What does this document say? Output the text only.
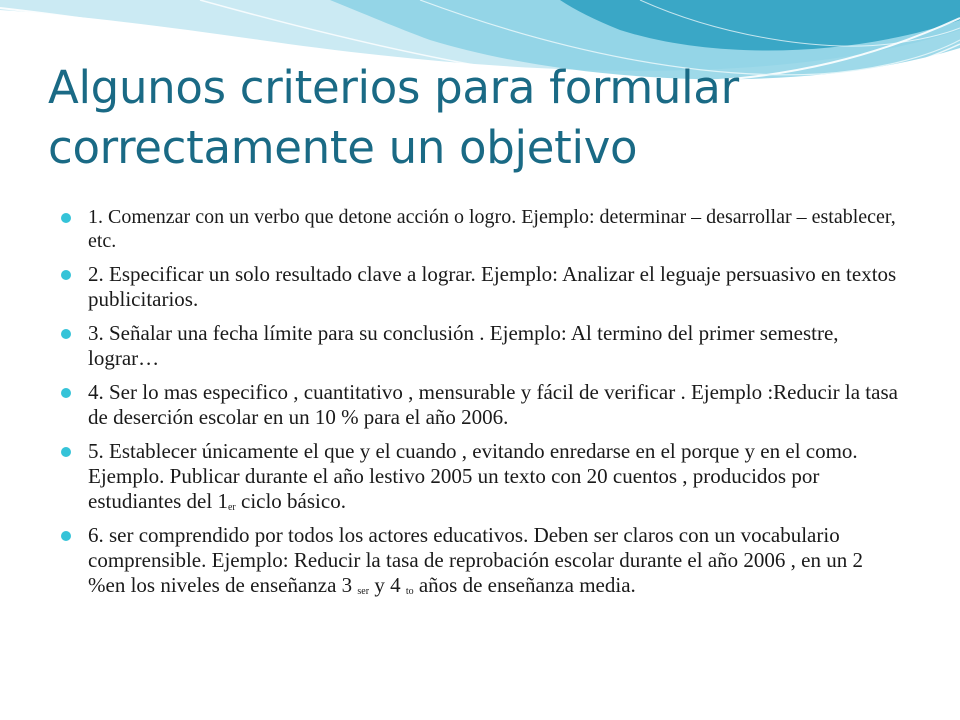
Algunos criterios para formular correctamente un objetivo
1. Comenzar con un verbo que detone acción o logro. Ejemplo: determinar – desarrollar – establecer, etc.
2. Especificar un solo resultado clave a lograr. Ejemplo: Analizar el leguaje persuasivo en textos publicitarios.
3. Señalar una fecha límite para su conclusión . Ejemplo: Al termino del primer semestre, lograr…
4. Ser lo mas especifico , cuantitativo , mensurable y fácil de verificar . Ejemplo :Reducir la tasa de deserción escolar en un 10 % para el año 2006.
5. Establecer únicamente el que y el cuando , evitando enredarse en el porque y en el como. Ejemplo. Publicar durante el año lestivo 2005 un texto con 20 cuentos , producidos por estudiantes del 1er ciclo básico.
6. ser comprendido por todos los actores educativos. Deben ser claros con un vocabulario comprensible. Ejemplo: Reducir la tasa de reprobación escolar durante el año 2006 , en un 2 %en los niveles de enseñanza 3 ser y 4 to años de enseñanza media.
